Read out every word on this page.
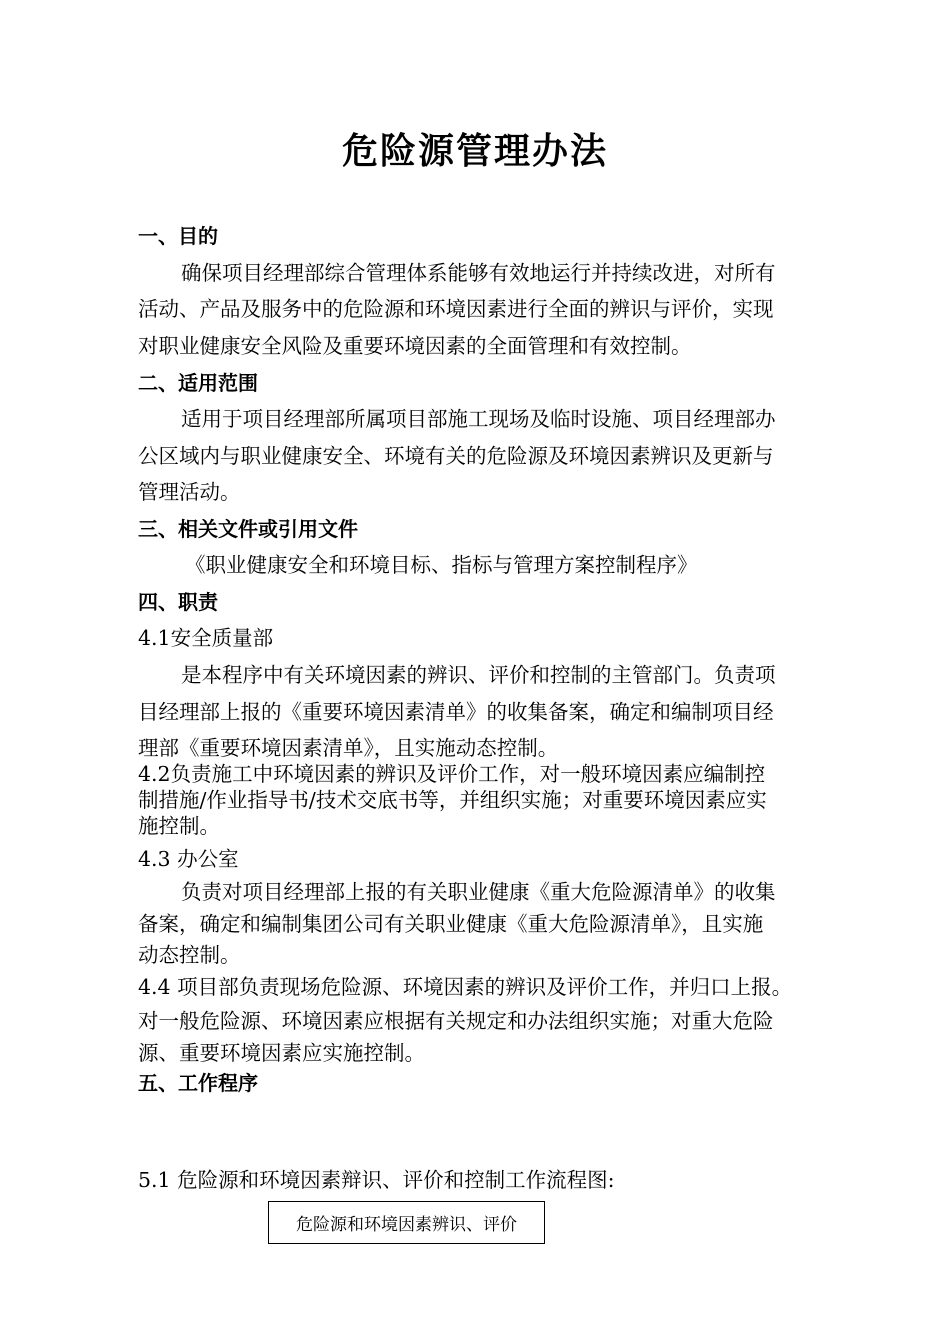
危险源管理办法
一、目的
确保项目经理部综合管理体系能够有效地运行并持续改进，对所有
活动、产品及服务中的危险源和环境因素进行全面的辨识与评价，实现
对职业健康安全风险及重要环境因素的全面管理和有效控制。
二、适用范围
适用于项目经理部所属项目部施工现场及临时设施、项目经理部办
公区域内与职业健康安全、环境有关的危险源及环境因素辨识及更新与
管理活动。
三、相关文件或引用文件
《职业健康安全和环境目标、指标与管理方案控制程序》
四、职责
4.1安全质量部
是本程序中有关环境因素的辨识、评价和控制的主管部门。负责项
目经理部上报的《重要环境因素清单》的收集备案，确定和编制项目经
理部《重要环境因素清单》，且实施动态控制。
4.2负责施工中环境因素的辨识及评价工作，对一般环境因素应编制控
制措施/作业指导书/技术交底书等，并组织实施；对重要环境因素应实
施控制。
4.3 办公室
负责对项目经理部上报的有关职业健康《重大危险源清单》的收集
备案，确定和编制集团公司有关职业健康《重大危险源清单》，且实施
动态控制。
4.4 项目部负责现场危险源、环境因素的辨识及评价工作，并归口上报。
对一般危险源、环境因素应根据有关规定和办法组织实施；对重大危险
源、重要环境因素应实施控制。
五、工作程序
5.1 危险源和环境因素辩识、评价和控制工作流程图:
危险源和环境因素辨识、评价
